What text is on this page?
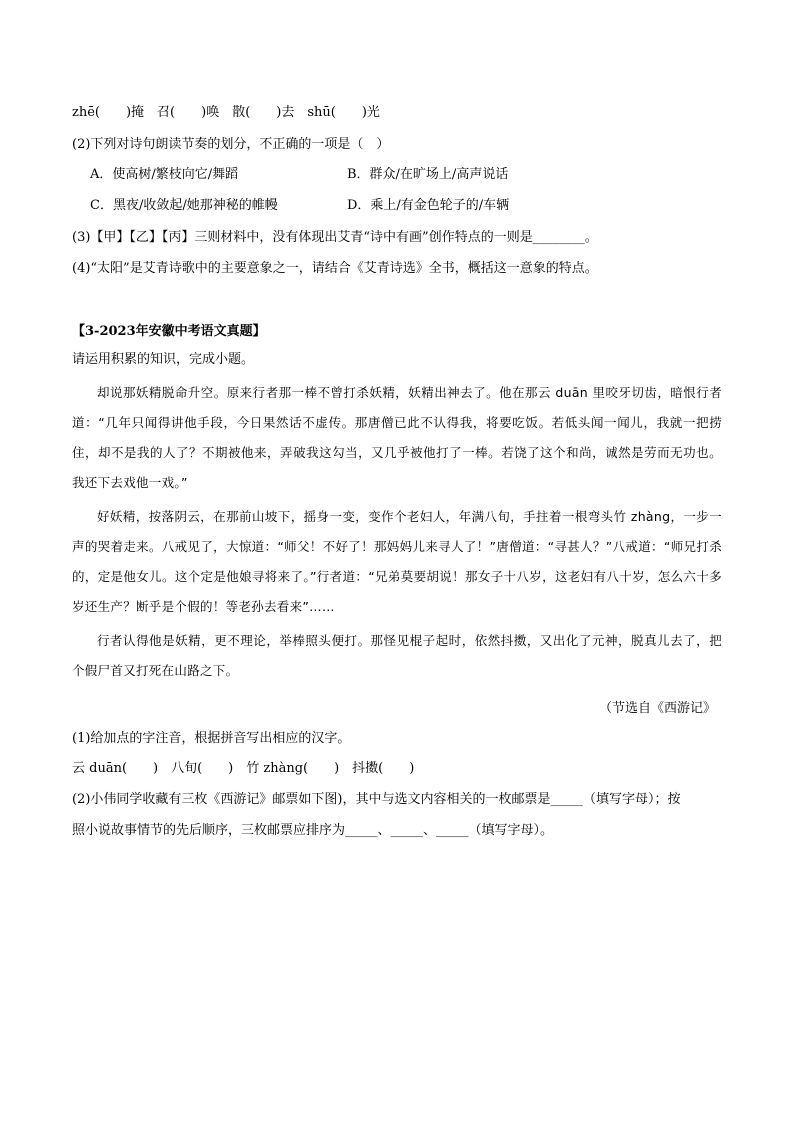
zhē(　　)掩　召(　　)唤　散(　　)去　shū(　　)光
(2)下列对诗句朗读节奏的划分，不正确的一项是（　）
A．使高树/繁枝向它/舞蹈	B．群众/在旷场上/高声说话
C．黑夜/收敛起/她那神秘的帷幔	D．乘上/有金色轮子的/车辆
(3)【甲】【乙】【丙】三则材料中，没有体现出艾青“诗中有画”创作特点的一则是________。
(4)“太阳”是艾青诗歌中的主要意象之一，请结合《艾青诗选》全书，概括这一意象的特点。
【3-2023年安徽中考语文真题】
请运用积累的知识，完成小题。
却说那妖精脱命升空。原来行者那一棒不曾打杀妖精，妖精出神去了。他在那云 duān 里咬牙切齿，暗恨行者道：“几年只闻得讲他手段，今日果然话不虚传。那唐僧已此不认得我，将要吃饭。若低头闻一闻儿，我就一把捞住，却不是我的人了？不期被他来，弄破我这勾当，又几乎被他打了一棒。若饶了这个和尚，诚然是劳而无功也。我还下去戏他一戏。”
好妖精，按落阴云，在那前山坡下，摇身一变，变作个老妇人，年满八旬，手拄着一根弯头竹 zhàng，一步一声的哭着走来。八戒见了，大惊道：“师父！不好了！那妈妈儿来寻人了！”唐僧道：“寻甚人？”八戒道：“师兄打杀的，定是他女儿。这个定是他娘寻将来了。”行者道：“兄弟莫要胡说！那女子十八岁，这老妇有八十岁，怎么六十多岁还生产？断乎是个假的！等老孙去看来”……
行者认得他是妖精，更不理论，举棒照头便打。那怪见棍子起时，依然抖擞，又出化了元神，脱真儿去了，把个假尸首又打死在山路之下。
（节选自《西游记》
(1)给加点的字注音，根据拼音写出相应的汉字。
云 duān(　　)　八旬(　　)　竹 zhàng(　　)　抖擞(　　)
(2)小伟同学收藏有三枚《西游记》邮票如下图)，其中与选文内容相关的一枚邮票是_____（填写字母）；按
照小说故事情节的先后顺序，三枚邮票应排序为_____、_____、_____（填写字母）。
